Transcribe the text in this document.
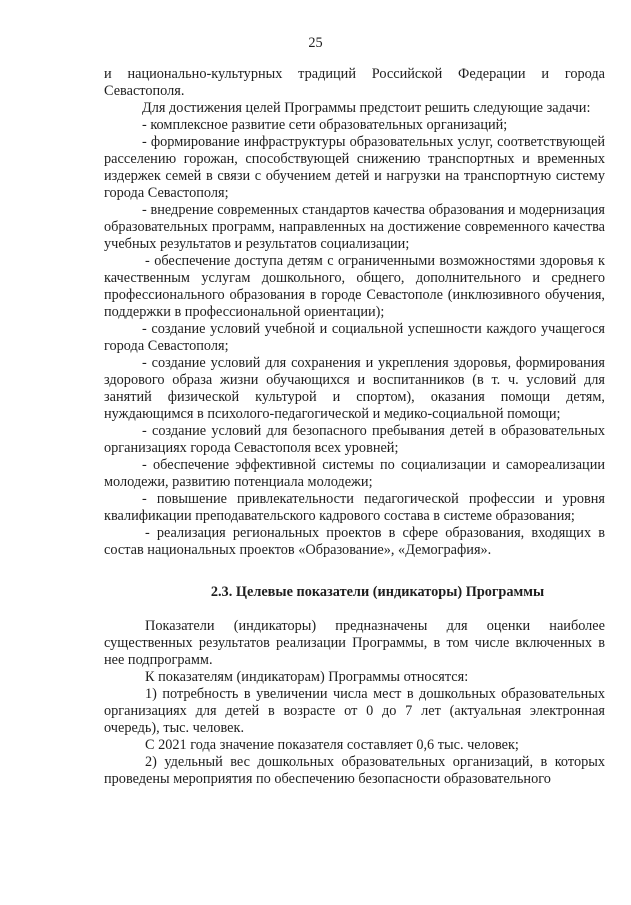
25

и национально-культурных традиций Российской Федерации и города Севастополя.

Для достижения целей Программы предстоит решить следующие задачи:

- комплексное развитие сети образовательных организаций;

- формирование инфраструктуры образовательных услуг, соответствующей расселению горожан, способствующей снижению транспортных и временных издержек семей в связи с обучением детей и нагрузки на транспортную систему города Севастополя;

- внедрение современных стандартов качества образования и модернизация образовательных программ, направленных на достижение современного качества учебных результатов и результатов социализации;

- обеспечение доступа детям с ограниченными возможностями здоровья к качественным услугам дошкольного, общего, дополнительного и среднего профессионального образования в городе Севастополе (инклюзивного обучения, поддержки в профессиональной ориентации);

- создание условий учебной и социальной успешности каждого учащегося города Севастополя;

- создание условий для сохранения и укрепления здоровья, формирования здорового образа жизни обучающихся и воспитанников (в т. ч. условий для занятий физической культурой и спортом), оказания помощи детям, нуждающимся в психолого-педагогической и медико-социальной помощи;

- создание условий для безопасного пребывания детей в образовательных организациях города Севастополя всех уровней;

- обеспечение эффективной системы по социализации и самореализации молодежи, развитию потенциала молодежи;

- повышение привлекательности педагогической профессии и уровня квалификации преподавательского кадрового состава в системе образования;

- реализация региональных проектов в сфере образования, входящих в состав национальных проектов «Образование», «Демография».

2.3. Целевые показатели (индикаторы) Программы

Показатели (индикаторы) предназначены для оценки наиболее существенных результатов реализации Программы, в том числе включенных в нее подпрограмм.

К показателям (индикаторам) Программы относятся:

1) потребность в увеличении числа мест в дошкольных образовательных организациях для детей в возрасте от 0 до 7 лет (актуальная электронная очередь), тыс. человек.

С 2021 года значение показателя составляет 0,6 тыс. человек;

2) удельный вес дошкольных образовательных организаций, в которых проведены мероприятия по обеспечению безопасности образовательного
